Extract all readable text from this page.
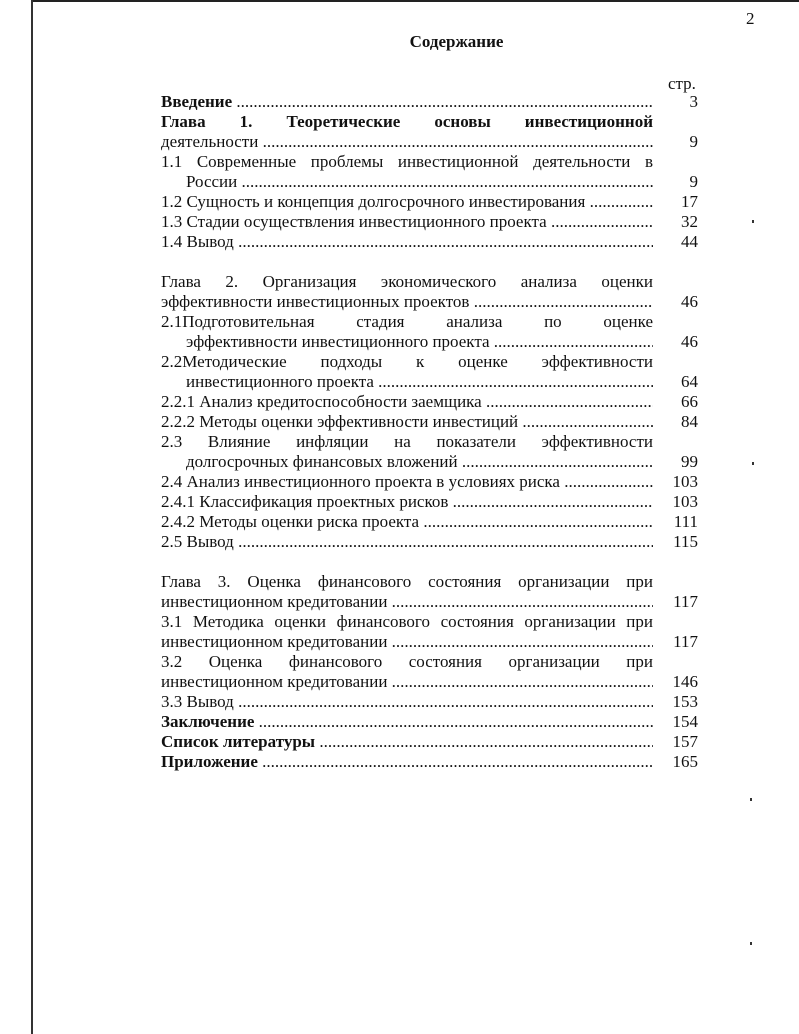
2
Содержание
стр.
Введение .....	3
Глава 1. Теоретические основы инвестиционной
деятельности .....	9
1.1 Современные проблемы инвестиционной деятельности в
России .....	9
1.2 Сущность и концепция долгосрочного инвестирования .....	17
1.3 Стадии осуществления инвестиционного проекта .....	32
1.4 Вывод .....	44
Глава 2. Организация экономического анализа оценки
эффективности инвестиционных проектов .....	46
2.1Подготовительная стадия анализа по оценке
эффективности инвестиционного проекта .....	46
2.2Методические подходы к оценке эффективности
инвестиционного проекта .....	64
2.2.1 Анализ кредитоспособности заемщика .....	66
2.2.2 Методы оценки эффективности инвестиций .....	84
2.3 Влияние инфляции на показатели эффективности
долгосрочных финансовых вложений .....	99
2.4 Анализ инвестиционного проекта в условиях риска .....	103
2.4.1 Классификация проектных рисков .....	103
2.4.2 Методы оценки риска проекта .....	111
2.5 Вывод .....	115
Глава 3. Оценка финансового состояния организации при
инвестиционном кредитовании .....	117
3.1 Методика оценки финансового состояния организации при
инвестиционном кредитовании .....	117
3.2 Оценка финансового состояния организации при
инвестиционном кредитовании .....	146
3.3 Вывод .....	153
Заключение .....	154
Список литературы .....	157
Приложение .....	165
